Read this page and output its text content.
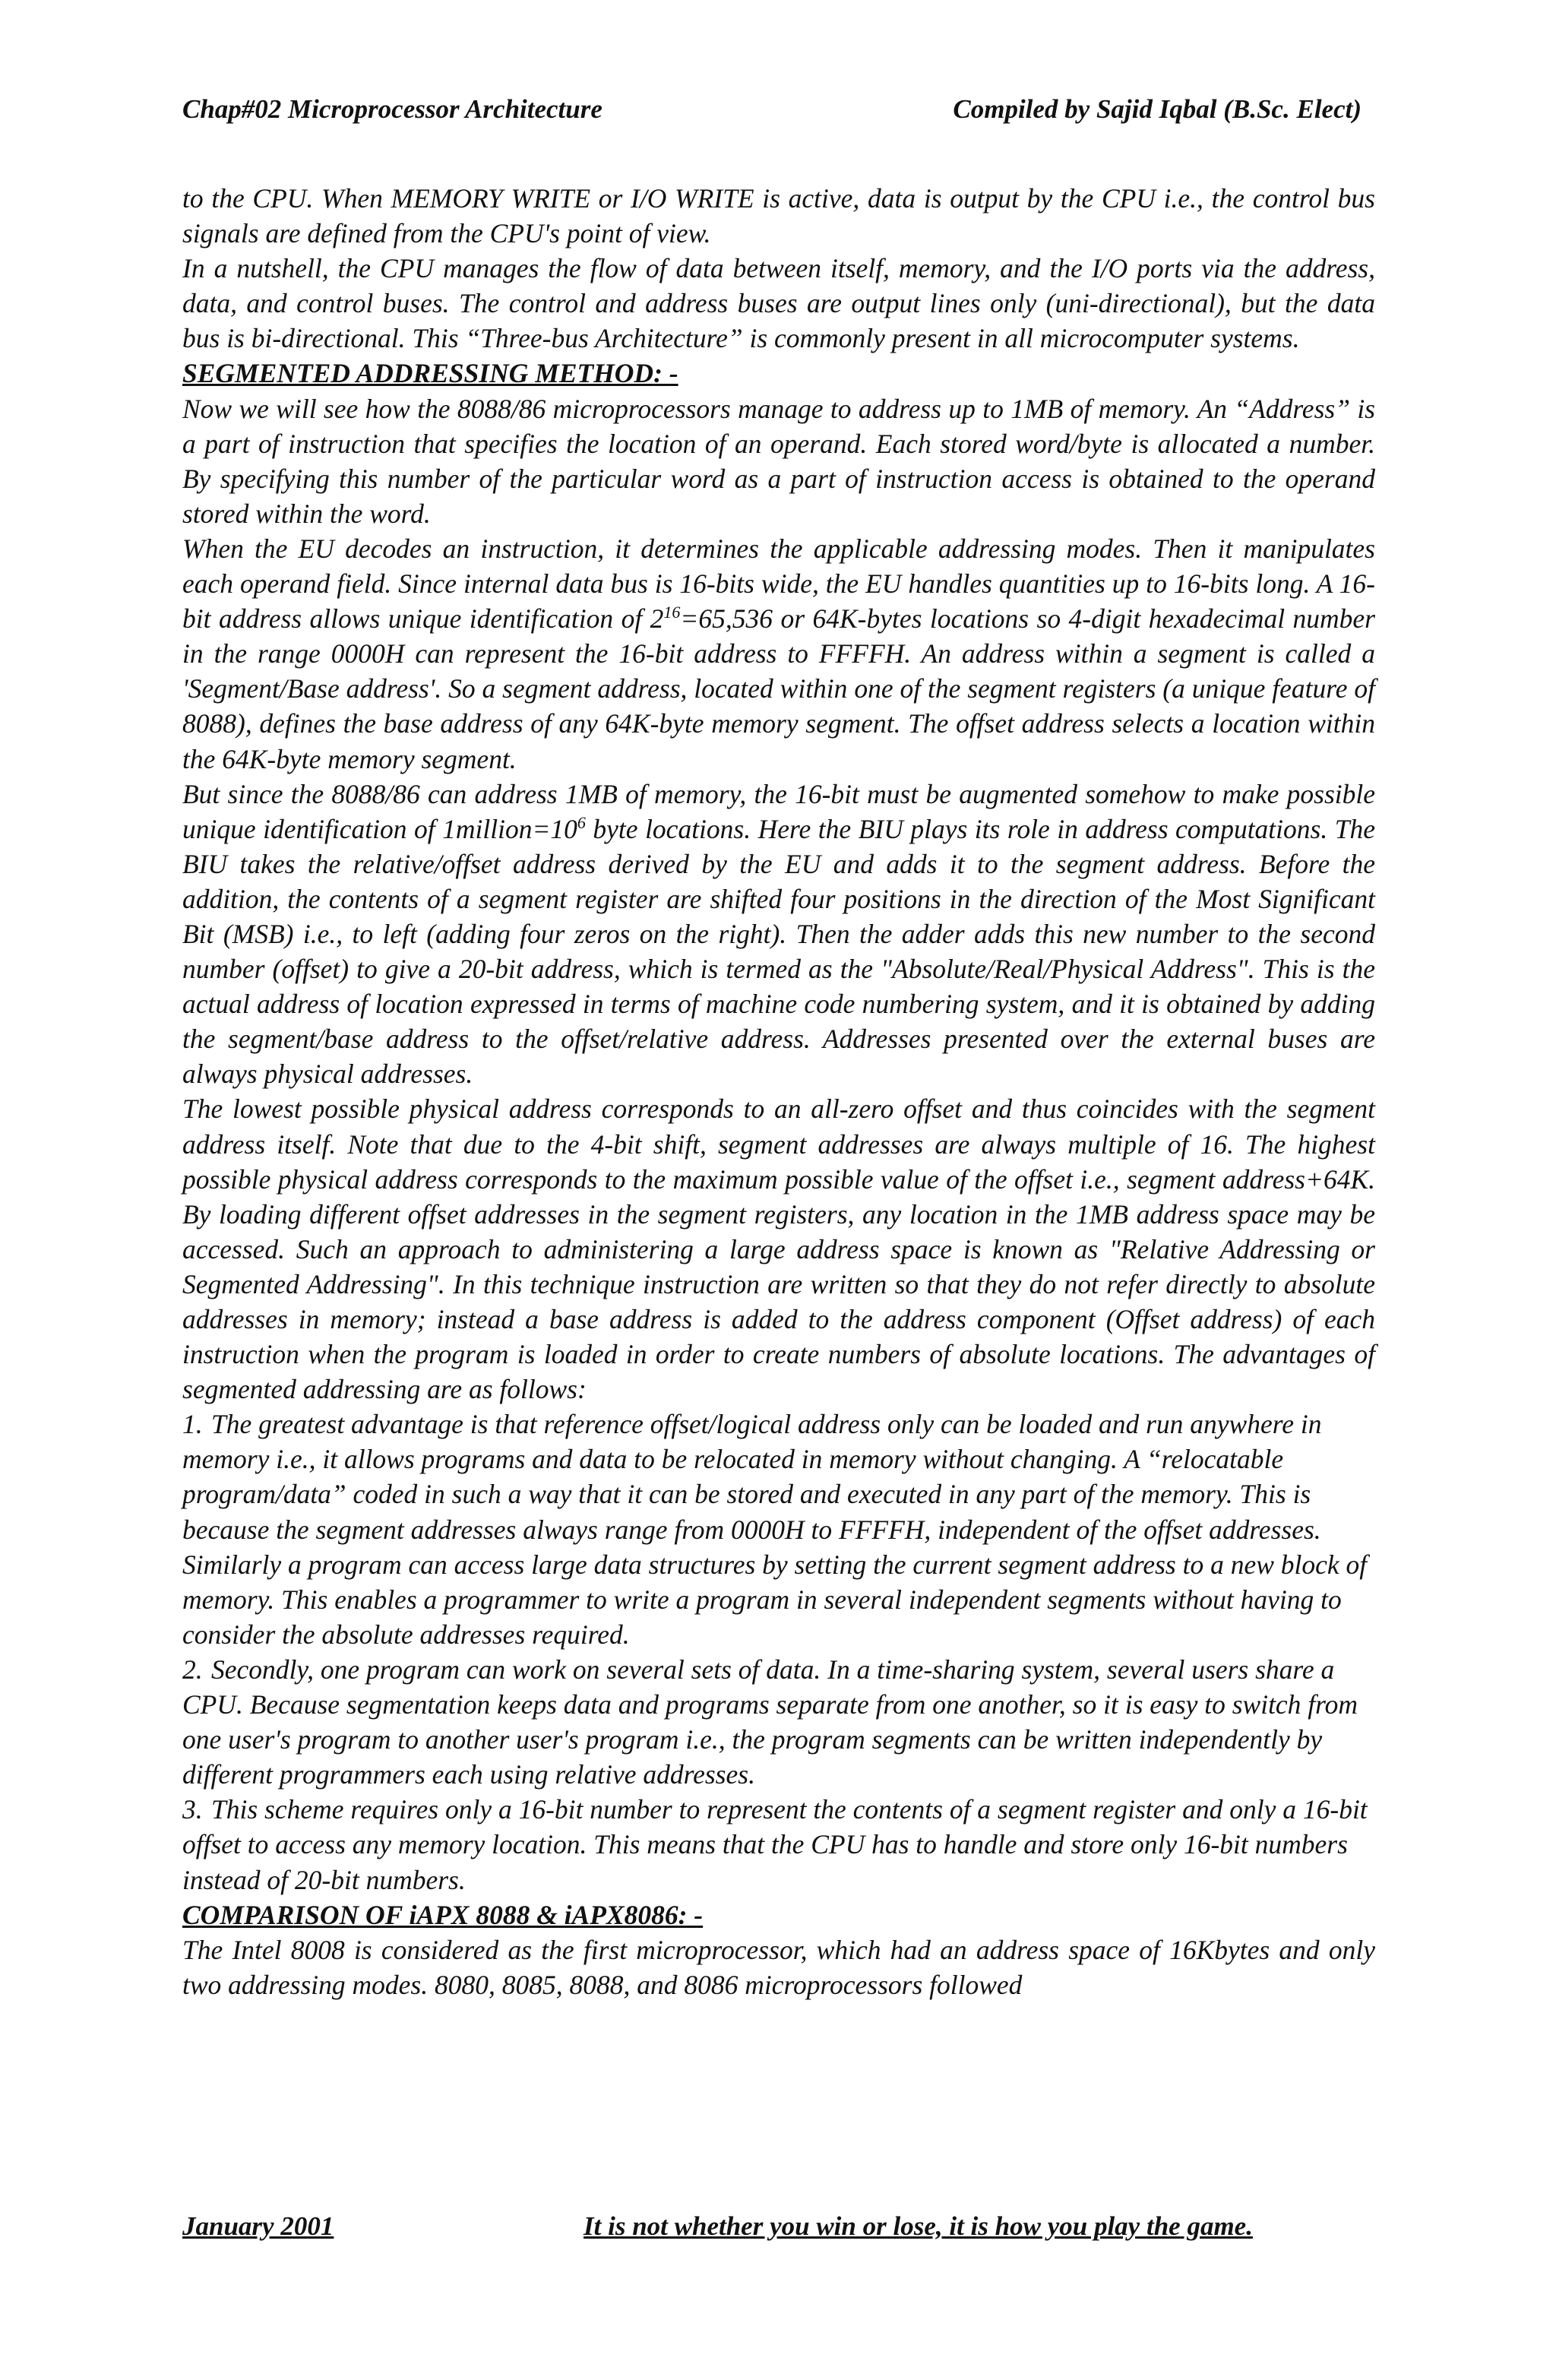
Chap#02 Microprocessor Architecture	Compiled by Sajid Iqbal (B.Sc. Elect)

to the CPU. When MEMORY WRITE or I/O WRITE is active, data is output by the CPU i.e., the control bus signals are defined from the CPU's point of view.

In a nutshell, the CPU manages the flow of data between itself, memory, and the I/O ports via the address, data, and control buses. The control and address buses are output lines only (uni-directional), but the data bus is bi-directional. This “Three-bus Architecture” is commonly present in all microcomputer systems.

SEGMENTED ADDRESSING METHOD: -

Now we will see how the 8088/86 microprocessors manage to address up to 1MB of memory. An “Address” is a part of instruction that specifies the location of an operand. Each stored word/byte is allocated a number. By specifying this number of the particular word as a part of instruction access is obtained to the operand stored within the word.

When the EU decodes an instruction, it determines the applicable addressing modes. Then it manipulates each operand field. Since internal data bus is 16-bits wide, the EU handles quantities up to 16-bits long. A 16-bit address allows unique identification of $2^{16}=65,536$ or 64K-bytes locations so 4-digit hexadecimal number in the range 0000H can represent the 16-bit address to FFFFH. An address within a segment is called a 'Segment/Base address'. So a segment address, located within one of the segment registers (a unique feature of 8088), defines the base address of any 64K-byte memory segment. The offset address selects a location within the 64K-byte memory segment.

But since the 8088/86 can address 1MB of memory, the 16-bit must be augmented somehow to make possible unique identification of $1million=10^6$ byte locations. Here the BIU plays its role in address computations. The BIU takes the relative/offset address derived by the EU and adds it to the segment address. Before the addition, the contents of a segment register are shifted four positions in the direction of the Most Significant Bit (MSB) i.e., to left (adding four zeros on the right). Then the adder adds this new number to the second number (offset) to give a 20-bit address, which is termed as the "Absolute/Real/Physical Address". This is the actual address of location expressed in terms of machine code numbering system, and it is obtained by adding the segment/base address to the offset/relative address. Addresses presented over the external buses are always physical addresses.

The lowest possible physical address corresponds to an all-zero offset and thus coincides with the segment address itself. Note that due to the 4-bit shift, segment addresses are always multiple of 16. The highest possible physical address corresponds to the maximum possible value of the offset i.e., segment address+64K. By loading different offset addresses in the segment registers, any location in the 1MB address space may be accessed. Such an approach to administering a large address space is known as "Relative Addressing or Segmented Addressing". In this technique instruction are written so that they do not refer directly to absolute addresses in memory; instead a base address is added to the address component (Offset address) of each instruction when the program is loaded in order to create numbers of absolute locations. The advantages of segmented addressing are as follows:

1. The greatest advantage is that reference offset/logical address only can be loaded and run anywhere in memory i.e., it allows programs and data to be relocated in memory without changing. A “relocatable program/data” coded in such a way that it can be stored and executed in any part of the memory. This is because the segment addresses always range from 0000H to FFFFH, independent of the offset addresses. Similarly a program can access large data structures by setting the current segment address to a new block of memory. This enables a programmer to write a program in several independent segments without having to consider the absolute addresses required.

2. Secondly, one program can work on several sets of data. In a time-sharing system, several users share a CPU. Because segmentation keeps data and programs separate from one another, so it is easy to switch from one user's program to another user's program i.e., the program segments can be written independently by different programmers each using relative addresses.

3. This scheme requires only a 16-bit number to represent the contents of a segment register and only a 16-bit offset to access any memory location. This means that the CPU has to handle and store only 16-bit numbers instead of 20-bit numbers.

COMPARISON OF iAPX 8088 & iAPX8086: -

The Intel 8008 is considered as the first microprocessor, which had an address space of 16Kbytes and only two addressing modes. 8080, 8085, 8088, and 8086 microprocessors followed

January 2001	It is not whether you win or lose, it is how you play the game.
